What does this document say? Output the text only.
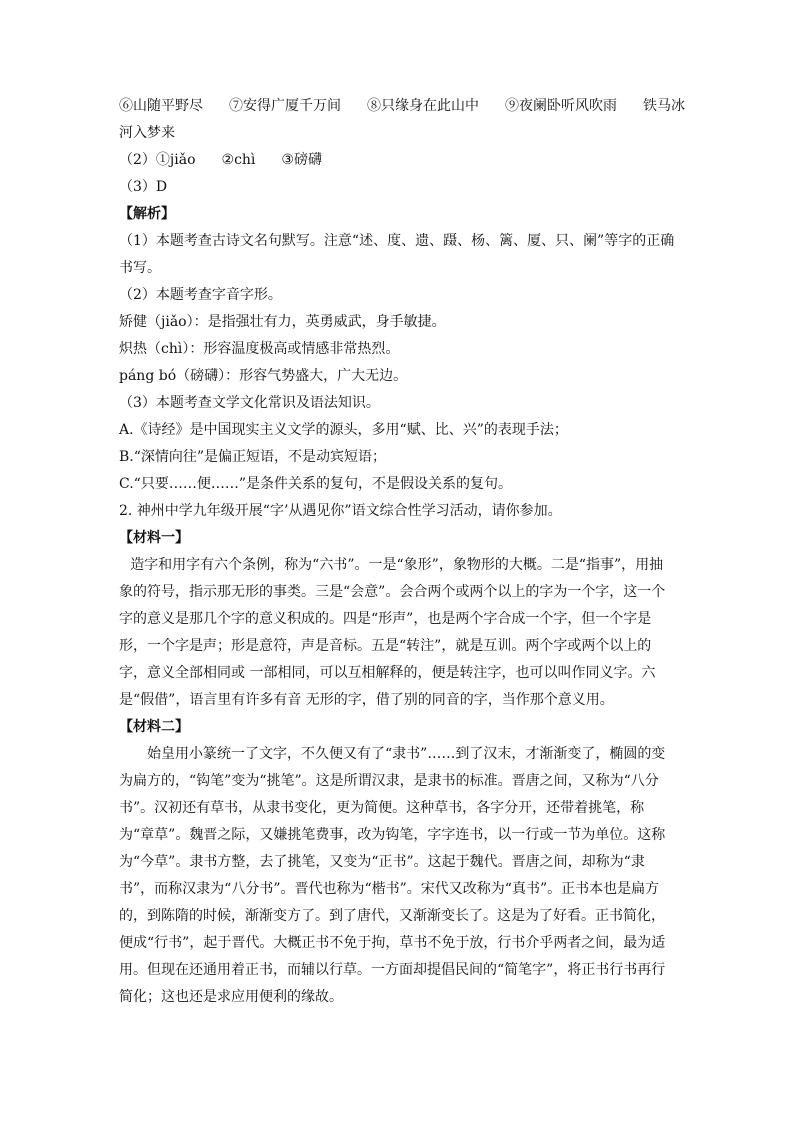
⑥山随平野尽 ⑦安得广厦千万间 ⑧只缘身在此山中 ⑨夜阑卧听风吹雨 铁马冰
河入梦来
（2）①jiǎo ②chì ③磅礴
（3）D
【解析】
（1）本题考查古诗文名句默写。注意“述、度、遗、蹑、杨、篱、厦、只、阑”等字的正确书写。
（2）本题考查字音字形。
矫健（jiǎo）：是指强壮有力，英勇威武，身手敏捷。
炽热（chì）：形容温度极高或情感非常热烈。
páng bó（磅礴）：形容气势盛大，广大无边。
（3）本题考查文学文化常识及语法知识。
A.《诗经》是中国现实主义文学的源头，多用“赋、比、兴”的表现手法；
B.“深情向往”是偏正短语，不是动宾短语；
C.“只要……便……”是条件关系的复句，不是假设关系的复句。
2. 神州中学九年级开展“字’从遇见你”语文综合性学习活动，请你参加。
【材料一】
造字和用字有六个条例，称为“六书”。一是“象形”，象物形的大概。二是“指事”，用抽象的符号，指示那无形的事类。三是“会意”。会合两个或两个以上的字为一个字，这一个字的意义是那几个字的意义积成的。四是“形声”，也是两个字合成一个字，但一个字是形，一个字是声；形是意符，声是音标。五是“转注”，就是互训。两个字或两个以上的字，意义全部相同或 一部相同，可以互相解释的，便是转注字，也可以叫作同义字。六是“假借”，语言里有许多有音 无形的字，借了别的同音的字，当作那个意义用。
【材料二】
始皇用小篆统一了文字，不久便又有了“隶书”……到了汉末，才渐渐变了，椭圆的变为扁方的，“钩笔”变为“挑笔”。这是所谓汉隶，是隶书的标准。晋唐之间，又称为“八分书”。汉初还有草书，从隶书变化，更为简便。这种草书，各字分开，还带着挑笔，称为“章草”。魏晋之际，又嫌挑笔费事，改为钩笔，字字连书，以一行或一节为单位。这称为“今草”。隶书方整，去了挑笔，又变为“正书”。这起于魏代。晋唐之间，却称为“隶书”，而称汉隶为“八分书”。晋代也称为“楷书”。宋代又改称为“真书”。正书本也是扁方的，到陈隋的时候，渐渐变方了。到了唐代，又渐渐变长了。这是为了好看。正书简化，便成“行书”，起于晋代。大概正书不免于拘，草书不免于放，行书介乎两者之间，最为适用。但现在还通用着正书，而辅以行草。一方面却提倡民间的“简笔字”，将正书行书再行简化；这也还是求应用便利的缘故。
